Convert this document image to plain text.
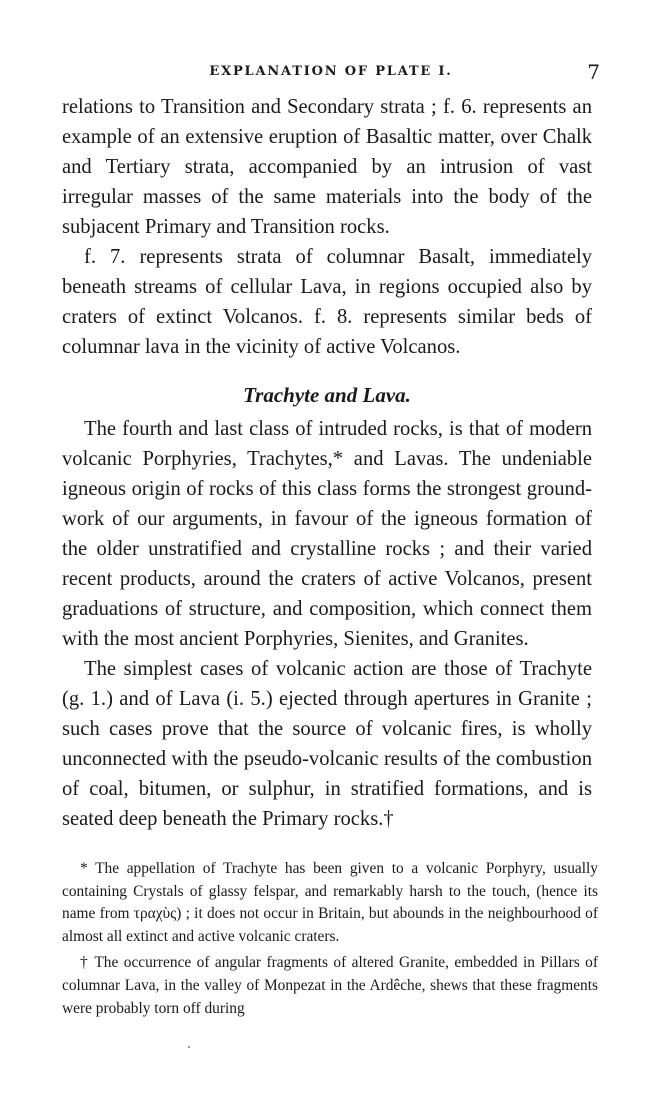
EXPLANATION OF PLATE I.	7

relations to Transition and Secondary strata ; f. 6. represents an example of an extensive eruption of Basaltic matter, over Chalk and Tertiary strata, accompanied by an intrusion of vast irregular masses of the same materials into the body of the subjacent Primary and Transition rocks.

f. 7. represents strata of columnar Basalt, immediately beneath streams of cellular Lava, in regions occupied also by craters of extinct Volcanos. f. 8. represents similar beds of columnar lava in the vicinity of active Volcanos.

Trachyte and Lava.

The fourth and last class of intruded rocks, is that of modern volcanic Porphyries, Trachytes,* and Lavas. The undeniable igneous origin of rocks of this class forms the strongest ground-work of our arguments, in favour of the igneous formation of the older unstratified and crystalline rocks ; and their varied recent products, around the craters of active Volcanos, present graduations of structure, and composition, which connect them with the most ancient Porphyries, Sienites, and Granites.

The simplest cases of volcanic action are those of Trachyte (g. 1.) and of Lava (i. 5.) ejected through apertures in Granite ; such cases prove that the source of volcanic fires, is wholly unconnected with the pseudo-volcanic results of the combustion of coal, bitumen, or sulphur, in stratified formations, and is seated deep beneath the Primary rocks.†

* The appellation of Trachyte has been given to a volcanic Porphyry, usually containing Crystals of glassy felspar, and remarkably harsh to the touch, (hence its name from τραχὺς) ; it does not occur in Britain, but abounds in the neighbourhood of almost all extinct and active volcanic craters.

† The occurrence of angular fragments of altered Granite, embedded in Pillars of columnar Lava, in the valley of Monpezat in the Ardêche, shews that these fragments were probably torn off during
